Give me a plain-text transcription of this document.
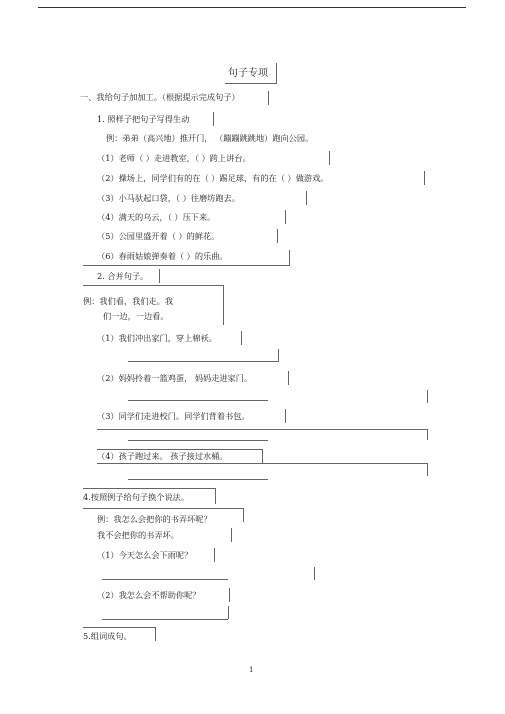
句子专项
一、我给句子加加工。（根据提示完成句子）
1. 照样子把句子写得生动
例：弟弟（高兴地）推开门， （蹦蹦跳跳地）跑向公园。
（1）老师（ ）走进教室，（ ）跨上讲台。
（2）操场上，同学们有的在（ ）踢足球，有的在（ ）做游戏。
（3）小马驮起口袋，（ ）往磨坊跑去。
（4）满天的乌云，（ ）压下来。
（5）公园里盛开着（ ）的鲜花。
（6）春雨姑娘弹奏着（ ）的乐曲。
2. 合并句子。
例：我们看，我们走。我
们一边，一边看。
（1）我们冲出家门，穿上棉袄。
（2）妈妈拎着一篮鸡蛋， 妈妈走进家门。
（3）同学们走进校门。同学们背着书包。
（4）孩子跑过来。 孩子接过水桶。
4.按照例子给句子换个说法。
例：我怎么会把你的书弄坏呢？
我不会把你的书弄坏。
（1）今天怎么会下雨呢？
（2）我怎么会不帮助你呢？
5.组词成句。
1
